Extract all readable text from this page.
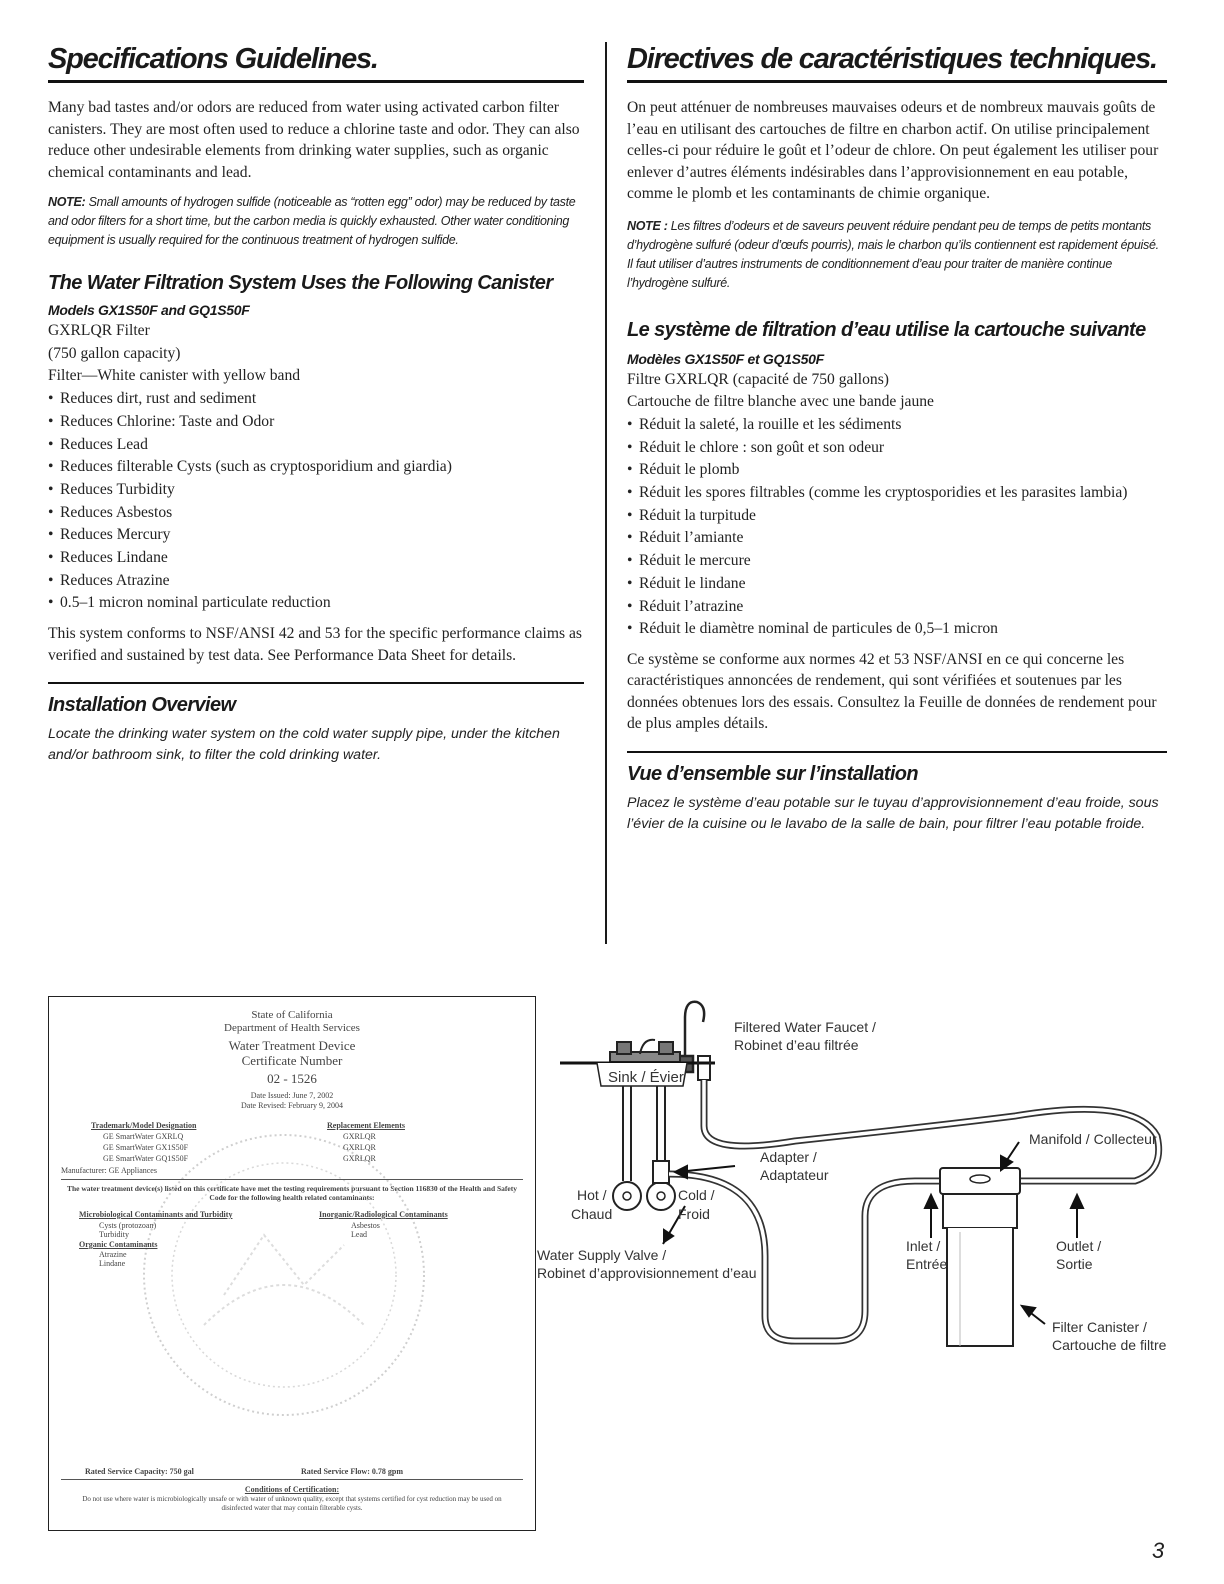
Specifications Guidelines.

Many bad tastes and/or odors are reduced from water using activated carbon filter canisters. They are most often used to reduce a chlorine taste and odor. They can also reduce other undesirable elements from drinking water supplies, such as organic chemical contaminants and lead.

NOTE: Small amounts of hydrogen sulfide (noticeable as “rotten egg” odor) may be reduced by taste and odor filters for a short time, but the carbon media is quickly exhausted. Other water conditioning equipment is usually required for the continuous treatment of hydrogen sulfide.

The Water Filtration System Uses the Following Canister
Models GX1S50F and GQ1S50F
GXRLQR Filter
(750 gallon capacity)
Filter—White canister with yellow band
• Reduces dirt, rust and sediment
• Reduces Chlorine: Taste and Odor
• Reduces Lead
• Reduces filterable Cysts (such as cryptosporidium and giardia)
• Reduces Turbidity
• Reduces Asbestos
• Reduces Mercury
• Reduces Lindane
• Reduces Atrazine
• 0.5–1 micron nominal particulate reduction

This system conforms to NSF/ANSI 42 and 53 for the specific performance claims as verified and sustained by test data. See Performance Data Sheet for details.

Installation Overview

Locate the drinking water system on the cold water supply pipe, under the kitchen and/or bathroom sink, to filter the cold drinking water.

Directives de caractéristiques techniques.

On peut atténuer de nombreuses mauvaises odeurs et de nombreux mauvais goûts de l’eau en utilisant des cartouches de filtre en charbon actif. On utilise principalement celles-ci pour réduire le goût et l’odeur de chlore. On peut également les utiliser pour enlever d’autres éléments indésirables dans l’approvisionnement en eau potable, comme le plomb et les contaminants de chimie organique.

NOTE : Les filtres d’odeurs et de saveurs peuvent réduire pendant peu de temps de petits montants d’hydrogène sulfuré (odeur d’œufs pourris), mais le charbon qu’ils contiennent est rapidement épuisé. Il faut utiliser d’autres instruments de conditionnement d’eau pour traiter de manière continue l’hydrogène sulfuré.

Le système de filtration d’eau utilise la cartouche suivante
Modèles GX1S50F et GQ1S50F
Filtre GXRLQR (capacité de 750 gallons)
Cartouche de filtre blanche avec une bande jaune
• Réduit la saleté, la rouille et les sédiments
• Réduit le chlore : son goût et son odeur
• Réduit le plomb
• Réduit les spores filtrables (comme les cryptosporidies et les parasites lambia)
• Réduit la turpitude
• Réduit l’amiante
• Réduit le mercure
• Réduit le lindane
• Réduit l’atrazine
• Réduit le diamètre nominal de particules de 0,5–1 micron

Ce système se conforme aux normes 42 et 53 NSF/ANSI en ce qui concerne les caractéristiques annoncées de rendement, qui sont vérifiées et soutenues par les données obtenues lors des essais. Consultez la Feuille de données de rendement pour de plus amples détails.

Vue d’ensemble sur l’installation

Placez le système d’eau potable sur le tuyau d’approvisionnement d’eau froide, sous l’évier de la cuisine ou le lavabo de la salle de bain, pour filtrer l’eau potable froide.

State of California
Department of Health Services
Water Treatment Device
Certificate Number
02 - 1526
Date Issued: June 7, 2002
Date Revised: February 9, 2004
Trademark/Model Designation	Replacement Elements
GE SmartWater GXRLQ
GE SmartWater GX1S50F
GE SmartWater GQ1S50F
GXRLQR
GXRLQR
GXRLQR
Manufacturer: GE Appliances
The water treatment device(s) listed on this certificate have met the testing requirements pursuant to Section 116830 of the Health and Safety Code for the following health related contaminants:
Microbiological Contaminants and Turbidity
Cysts (protozoan)
Turbidity
Organic Contaminants
Atrazine
Lindane
Inorganic/Radiological Contaminants
Asbestos
Lead
Rated Service Capacity: 750 gal	Rated Service Flow: 0.78 gpm
Conditions of Certification:
Do not use where water is microbiologically unsafe or with water of unknown quality, except that systems certified for cyst reduction may be used on disinfected water that may contain filterable cysts.
Sink / Évier
Filtered Water Faucet /
Robinet d’eau filtrée
Adapter /
Adaptateur
Manifold / Collecteur
Hot /
Chaud
Cold /
Froid
Water Supply Valve /
Robinet d’approvisionnement d’eau
Inlet /
Entrée
Outlet /
Sortie
Filter Canister /
Cartouche de filtre
3
